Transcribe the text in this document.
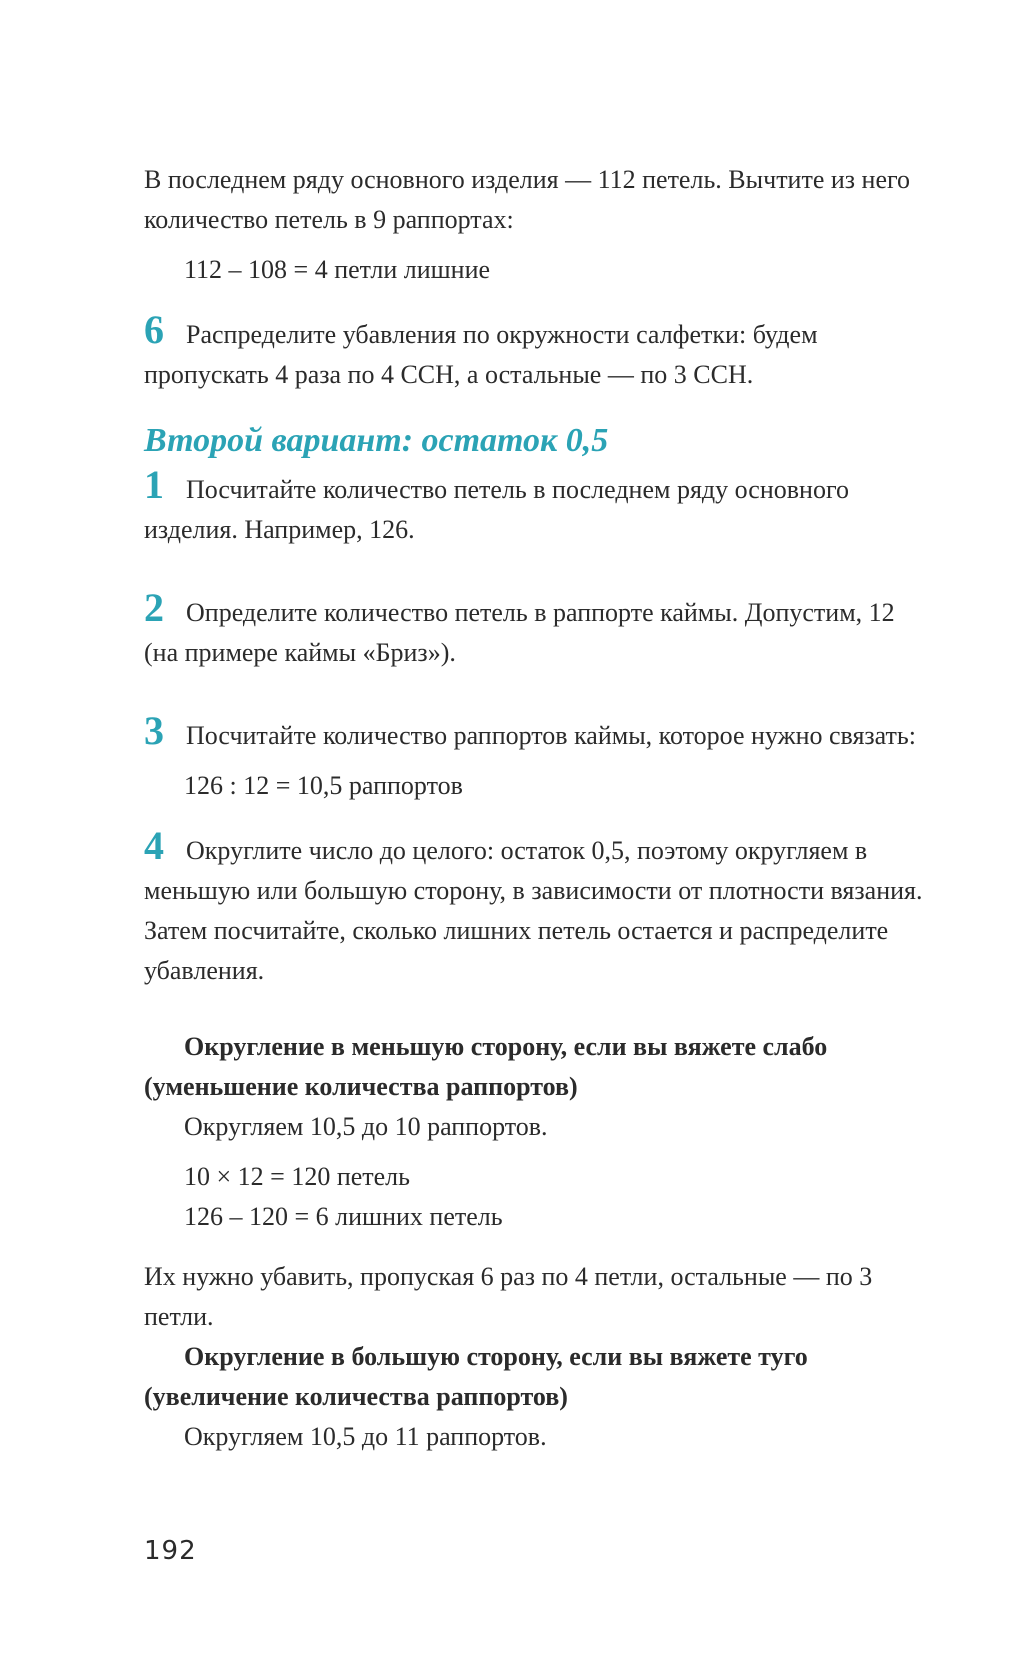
В последнем ряду основного изделия — 112 петель. Вычтите из него количество петель в 9 раппортах:

112 – 108 = 4 петли лишние

6 Распределите убавления по окружности салфетки: будем пропускать 4 раза по 4 ССН, а остальные — по 3 ССН.

Второй вариант: остаток 0,5

1 Посчитайте количество петель в последнем ряду основного изделия. Например, 126.

2 Определите количество петель в раппорте каймы. Допустим, 12 (на примере каймы «Бриз»).

3 Посчитайте количество раппортов каймы, которое нужно связать:

126 : 12 = 10,5 раппортов

4 Округлите число до целого: остаток 0,5, поэтому округляем в меньшую или большую сторону, в зависимости от плотности вязания. Затем посчитайте, сколько лишних петель остается и распределите убавления.

Округление в меньшую сторону, если вы вяжете слабо (уменьшение количества раппортов)

Округляем 10,5 до 10 раппортов.

10 × 12 = 120 петель

126 – 120 = 6 лишних петель

Их нужно убавить, пропуская 6 раз по 4 петли, остальные — по 3 петли.

Округление в большую сторону, если вы вяжете туго (увеличение количества раппортов)

Округляем 10,5 до 11 раппортов.

192
